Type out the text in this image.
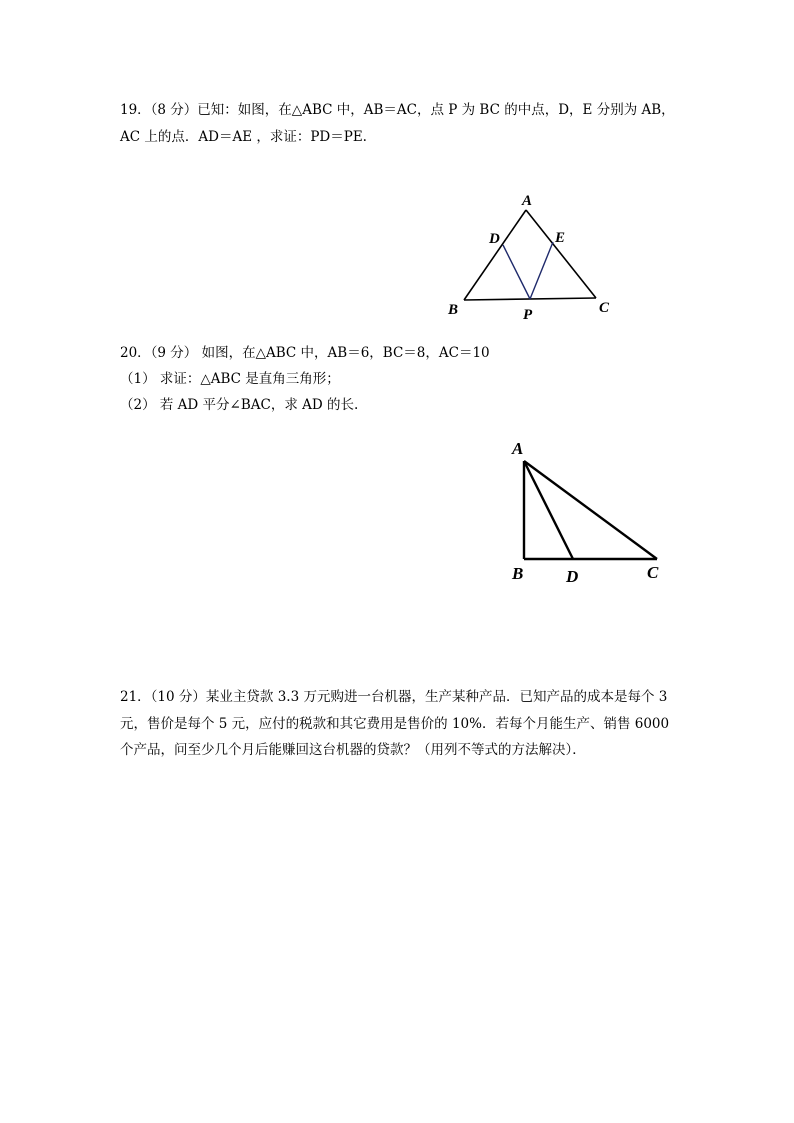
19．（8 分）已知：如图，在△ABC 中，AB＝AC，点 P 为 BC 的中点，D，E 分别为 AB，
AC 上的点．AD＝AE ，求证：PD＝PE.
A
D	E
B	P	C
20．（9 分） 如图，在△ABC 中，AB＝6，BC＝8，AC＝10
（1） 求证：△ABC 是直角三角形；
（2） 若 AD 平分∠BAC，求 AD 的长.
A
B	D	C
21．（10 分）某业主贷款 3.3 万元购进一台机器，生产某种产品．已知产品的成本是每个 3
元，售价是每个 5 元，应付的税款和其它费用是售价的 10%．若每个月能生产、销售 6000
个产品，问至少几个月后能赚回这台机器的贷款？（用列不等式的方法解决）．
